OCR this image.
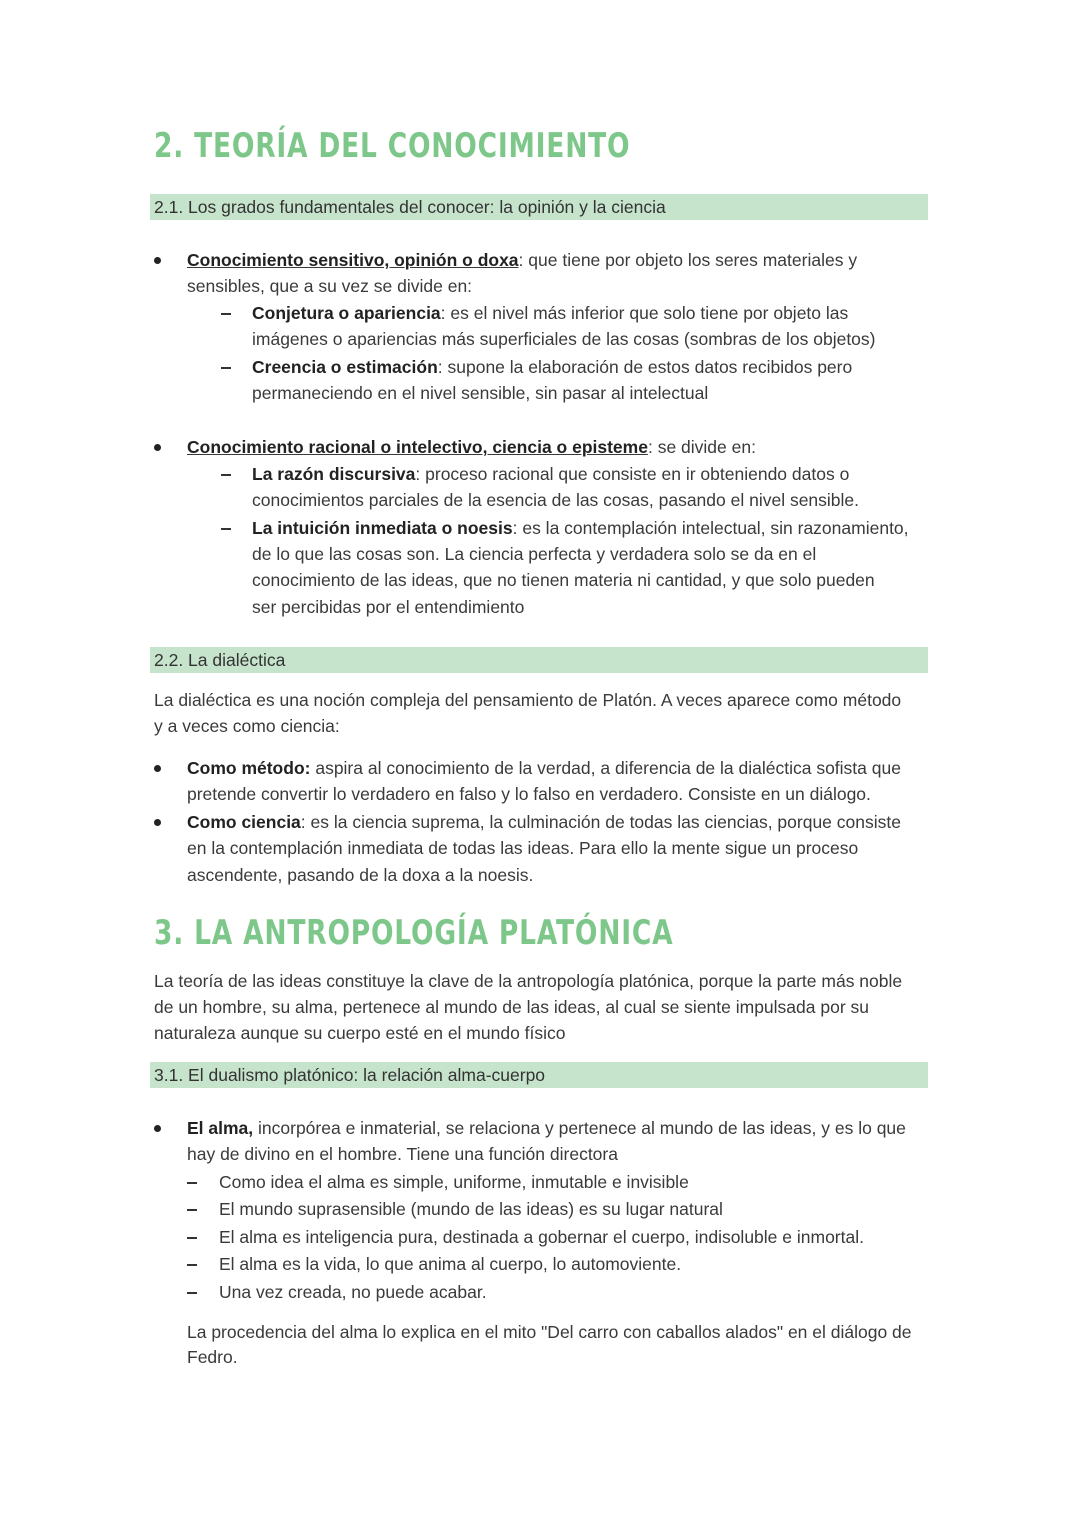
2. TEORÍA DEL CONOCIMIENTO
2.1. Los grados fundamentales del conocer: la opinión y la ciencia
Conocimiento sensitivo, opinión o doxa: que tiene por objeto los seres materiales y
sensibles, que a su vez se divide en:
Conjetura o apariencia: es el nivel más inferior que solo tiene por objeto las
imágenes o apariencias más superficiales de las cosas (sombras de los objetos)
Creencia o estimación: supone la elaboración de estos datos recibidos pero
permaneciendo en el nivel sensible, sin pasar al intelectual
Conocimiento racional o intelectivo, ciencia o episteme: se divide en:
La razón discursiva: proceso racional que consiste en ir obteniendo datos o
conocimientos parciales de la esencia de las cosas, pasando el nivel sensible.
La intuición inmediata o noesis: es la contemplación intelectual, sin razonamiento,
de lo que las cosas son. La ciencia perfecta y verdadera solo se da en el
conocimiento de las ideas, que no tienen materia ni cantidad, y que solo pueden
ser percibidas por el entendimiento
2.2. La dialéctica
La dialéctica es una noción compleja del pensamiento de Platón. A veces aparece como método
y a veces como ciencia:
Como método: aspira al conocimiento de la verdad, a diferencia de la dialéctica sofista que
pretende convertir lo verdadero en falso y lo falso en verdadero. Consiste en un diálogo.
Como ciencia: es la ciencia suprema, la culminación de todas las ciencias, porque consiste
en la contemplación inmediata de todas las ideas. Para ello la mente sigue un proceso
ascendente, pasando de la doxa a la noesis.
3. LA ANTROPOLOGÍA PLATÓNICA
La teoría de las ideas constituye la clave de la antropología platónica, porque la parte más noble
de un hombre, su alma, pertenece al mundo de las ideas, al cual se siente impulsada por su
naturaleza aunque su cuerpo esté en el mundo físico
3.1. El dualismo platónico: la relación alma-cuerpo
El alma, incorpórea e inmaterial, se relaciona y pertenece al mundo de las ideas, y es lo que
hay de divino en el hombre. Tiene una función directora
Como idea el alma es simple, uniforme, inmutable e invisible
El mundo suprasensible (mundo de las ideas) es su lugar natural
El alma es inteligencia pura, destinada a gobernar el cuerpo, indisoluble e inmortal.
El alma es la vida, lo que anima al cuerpo, lo automoviente.
Una vez creada, no puede acabar.
La procedencia del alma lo explica en el mito "Del carro con caballos alados" en el diálogo de
Fedro.
